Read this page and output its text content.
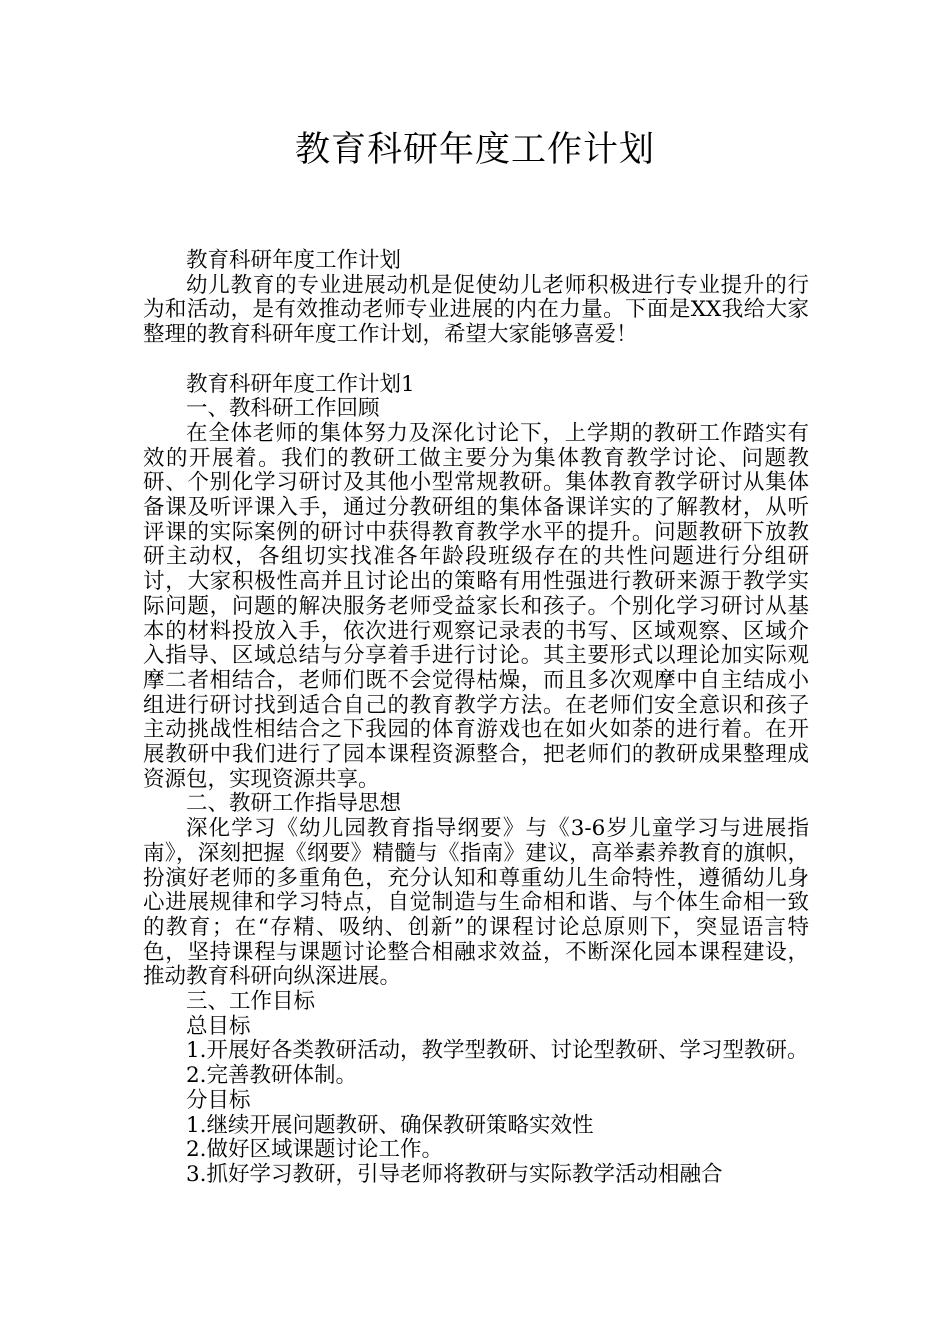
教育科研年度工作计划

教育科研年度工作计划

幼儿教育的专业进展动机是促使幼儿老师积极进行专业提升的行为和活动，是有效推动老师专业进展的内在力量。下面是XX我给大家整理的教育科研年度工作计划，希望大家能够喜爱！

教育科研年度工作计划1

一、教科研工作回顾

在全体老师的集体努力及深化讨论下，上学期的教研工作踏实有效的开展着。我们的教研工做主要分为集体教育教学讨论、问题教研、个别化学习研讨及其他小型常规教研。集体教育教学研讨从集体备课及听评课入手，通过分教研组的集体备课详实的了解教材，从听评课的实际案例的研讨中获得教育教学水平的提升。问题教研下放教研主动权，各组切实找准各年龄段班级存在的共性问题进行分组研讨，大家积极性高并且讨论出的策略有用性强进行教研来源于教学实际问题，问题的解决服务老师受益家长和孩子。个别化学习研讨从基本的材料投放入手，依次进行观察记录表的书写、区域观察、区域介入指导、区域总结与分享着手进行讨论。其主要形式以理论加实际观摩二者相结合，老师们既不会觉得枯燥，而且多次观摩中自主结成小组进行研讨找到适合自己的教育教学方法。在老师们安全意识和孩子主动挑战性相结合之下我园的体育游戏也在如火如荼的进行着。在开展教研中我们进行了园本课程资源整合，把老师们的教研成果整理成资源包，实现资源共享。

二、教研工作指导思想

深化学习《幼儿园教育指导纲要》与《3-6岁儿童学习与进展指南》，深刻把握《纲要》精髓与《指南》建议，高举素养教育的旗帜，扮演好老师的多重角色，充分认知和尊重幼儿生命特性，遵循幼儿身心进展规律和学习特点，自觉制造与生命相和谐、与个体生命相一致的教育；在“存精、吸纳、创新”的课程讨论总原则下，突显语言特色，坚持课程与课题讨论整合相融求效益，不断深化园本课程建设，推动教育科研向纵深进展。

三、工作目标

总目标

1.开展好各类教研活动，教学型教研、讨论型教研、学习型教研。

2.完善教研体制。

分目标

1.继续开展问题教研、确保教研策略实效性

2.做好区域课题讨论工作。

3.抓好学习教研，引导老师将教研与实际教学活动相融合
